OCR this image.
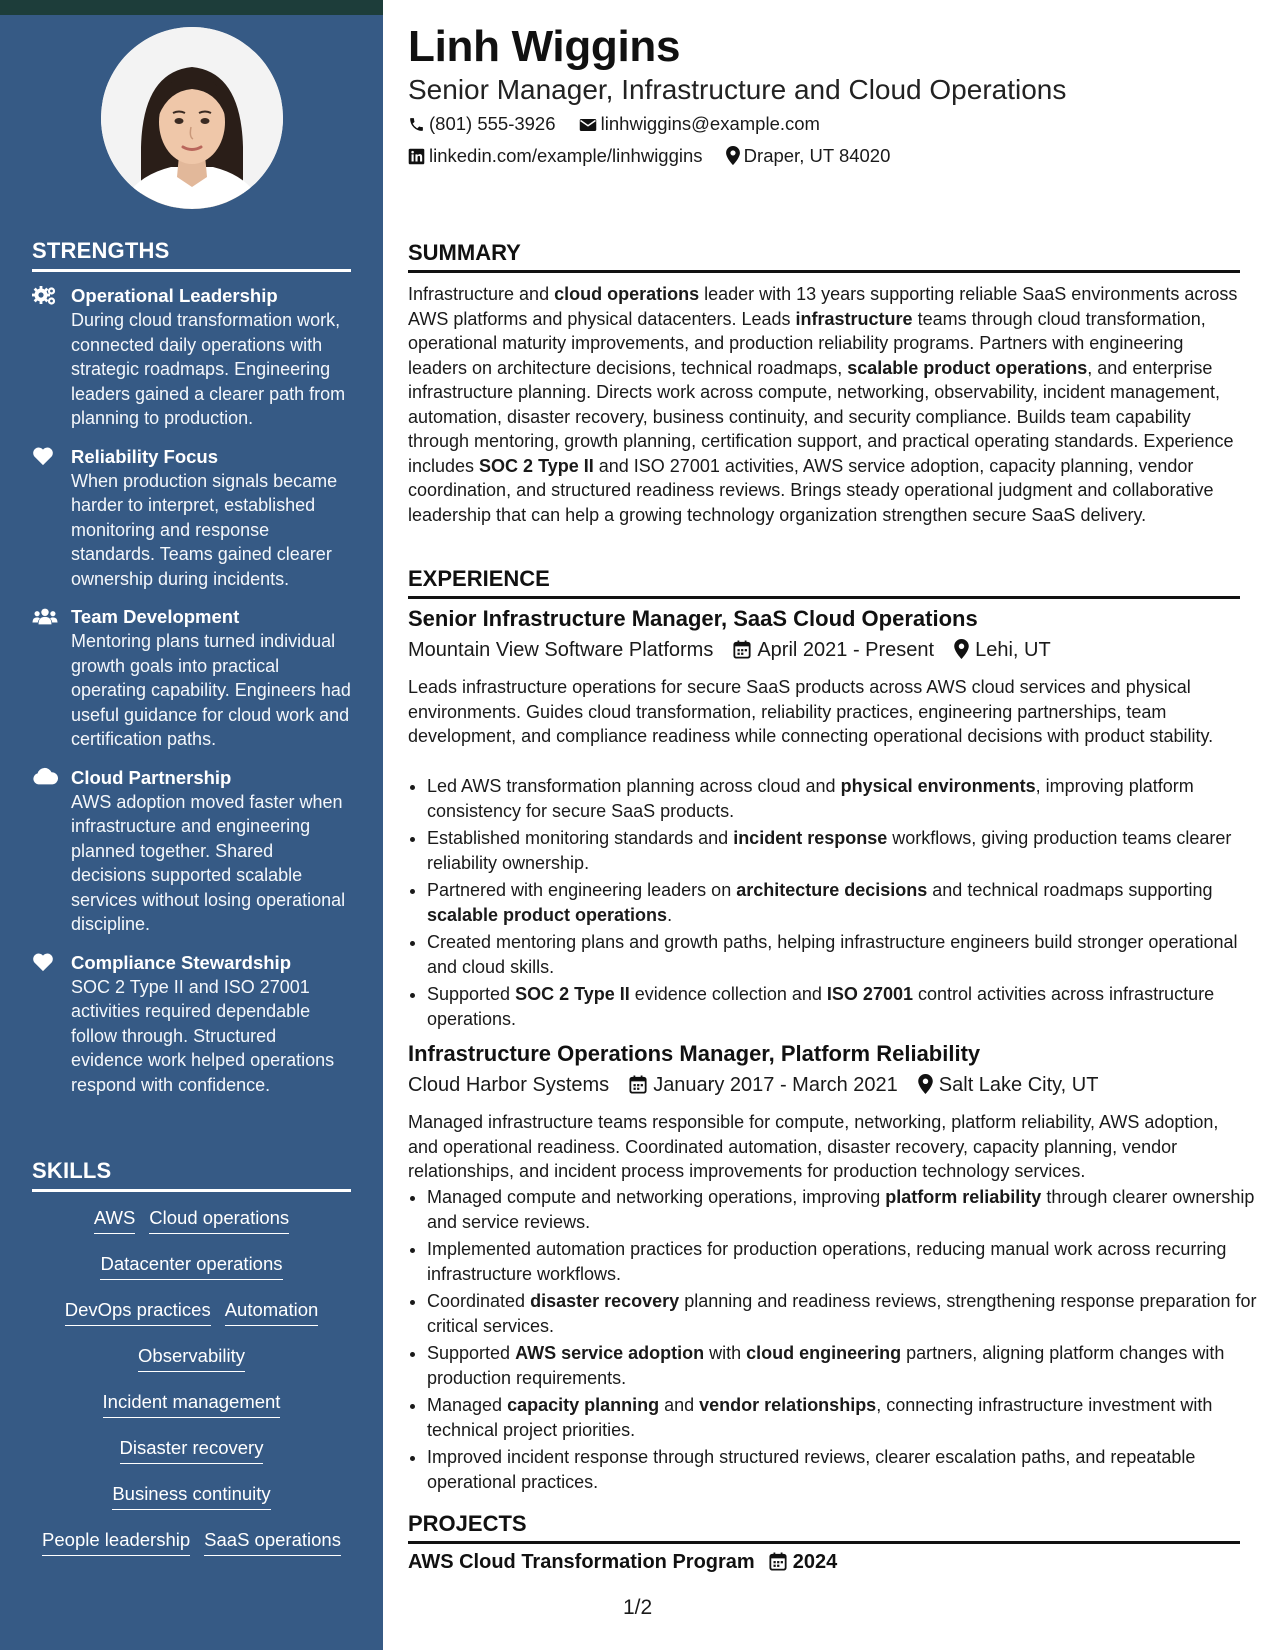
STRENGTHS
Operational Leadership
During cloud transformation work, connected daily operations with strategic roadmaps. Engineering leaders gained a clearer path from planning to production.
Reliability Focus
When production signals became harder to interpret, established monitoring and response standards. Teams gained clearer ownership during incidents.
Team Development
Mentoring plans turned individual growth goals into practical operating capability. Engineers had useful guidance for cloud work and certification paths.
Cloud Partnership
AWS adoption moved faster when infrastructure and engineering planned together. Shared decisions supported scalable services without losing operational discipline.
Compliance Stewardship
SOC 2 Type II and ISO 27001 activities required dependable follow through. Structured evidence work helped operations respond with confidence.
SKILLS
AWS Cloud operations
Datacenter operations
DevOps practices Automation
Observability
Incident management
Disaster recovery
Business continuity
People leadership SaaS operations
Linh Wiggins
Senior Manager, Infrastructure and Cloud Operations
(801) 555-3926 linhwiggins@example.com
linkedin.com/example/linhwiggins Draper, UT 84020
SUMMARY
Infrastructure and cloud operations leader with 13 years supporting reliable SaaS environments across AWS platforms and physical datacenters. Leads infrastructure teams through cloud transformation, operational maturity improvements, and production reliability programs. Partners with engineering leaders on architecture decisions, technical roadmaps, scalable product operations, and enterprise infrastructure planning. Directs work across compute, networking, observability, incident management, automation, disaster recovery, business continuity, and security compliance. Builds team capability through mentoring, growth planning, certification support, and practical operating standards. Experience includes SOC 2 Type II and ISO 27001 activities, AWS service adoption, capacity planning, vendor coordination, and structured readiness reviews. Brings steady operational judgment and collaborative leadership that can help a growing technology organization strengthen secure SaaS delivery.
EXPERIENCE
Senior Infrastructure Manager, SaaS Cloud Operations
Mountain View Software Platforms April 2021 - Present Lehi, UT
Leads infrastructure operations for secure SaaS products across AWS cloud services and physical environments. Guides cloud transformation, reliability practices, engineering partnerships, team development, and compliance readiness while connecting operational decisions with product stability.
• Led AWS transformation planning across cloud and physical environments, improving platform consistency for secure SaaS products.
• Established monitoring standards and incident response workflows, giving production teams clearer reliability ownership.
• Partnered with engineering leaders on architecture decisions and technical roadmaps supporting scalable product operations.
• Created mentoring plans and growth paths, helping infrastructure engineers build stronger operational and cloud skills.
• Supported SOC 2 Type II evidence collection and ISO 27001 control activities across infrastructure operations.
Infrastructure Operations Manager, Platform Reliability
Cloud Harbor Systems January 2017 - March 2021 Salt Lake City, UT
Managed infrastructure teams responsible for compute, networking, platform reliability, AWS adoption, and operational readiness. Coordinated automation, disaster recovery, capacity planning, vendor relationships, and incident process improvements for production technology services.
• Managed compute and networking operations, improving platform reliability through clearer ownership and service reviews.
• Implemented automation practices for production operations, reducing manual work across recurring infrastructure workflows.
• Coordinated disaster recovery planning and readiness reviews, strengthening response preparation for critical services.
• Supported AWS service adoption with cloud engineering partners, aligning platform changes with production requirements.
• Managed capacity planning and vendor relationships, connecting infrastructure investment with technical project priorities.
• Improved incident response through structured reviews, clearer escalation paths, and repeatable operational practices.
PROJECTS
AWS Cloud Transformation Program 2024
1/2
